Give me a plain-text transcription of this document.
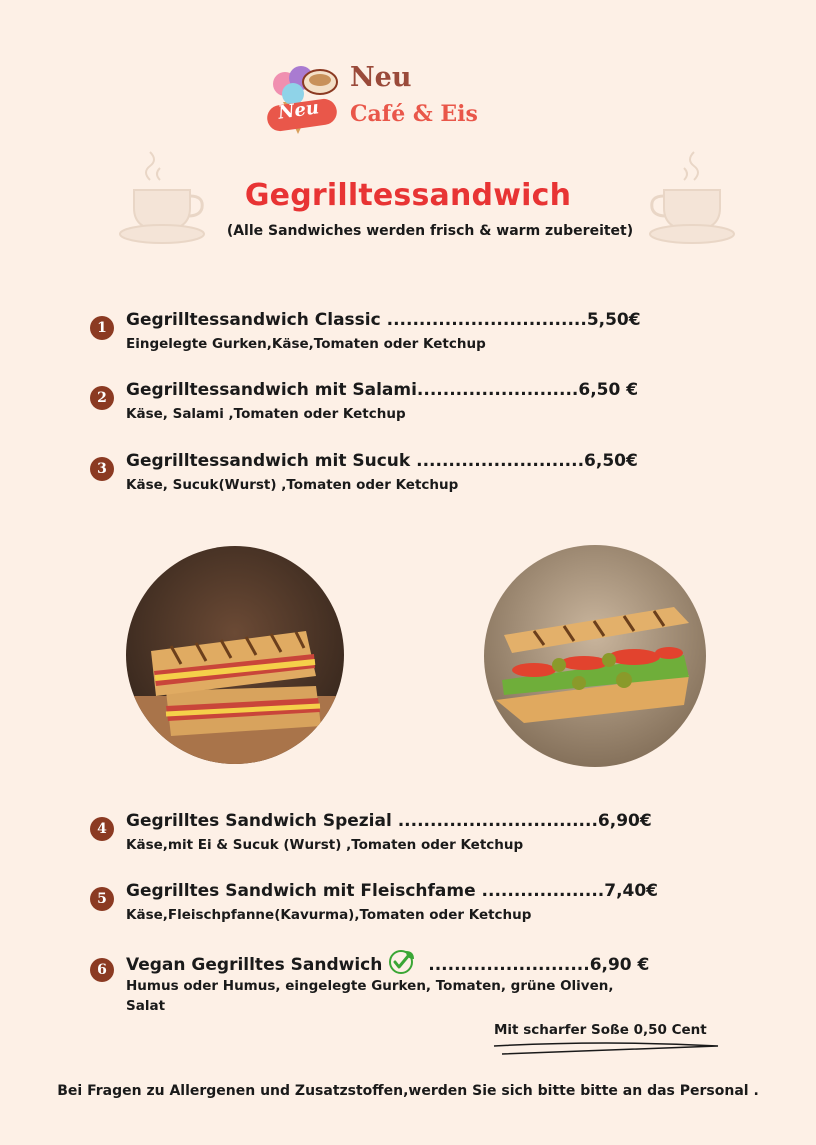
Neu
Neu
Café & Eis
Gegrilltessandwich
(Alle Sandwiches werden frisch & warm zubereitet)
1	Gegrilltessandwich Classic ...............................5,50€
Eingelegte Gurken,Käse,Tomaten oder Ketchup
2	Gegrilltessandwich mit Salami.........................6,50 €
Käse, Salami ,Tomaten oder Ketchup
3	Gegrilltessandwich mit Sucuk ..........................6,50€
Käse, Sucuk(Wurst) ,Tomaten oder Ketchup
4	Gegrilltes Sandwich Spezial ...............................6,90€
Käse,mit Ei & Sucuk (Wurst) ,Tomaten oder Ketchup
5	Gegrilltes Sandwich mit Fleischfame ...................7,40€
Käse,Fleischpfanne(Kavurma),Tomaten oder Ketchup
6	Vegan Gegrilltes Sandwich .........................6,90 €
Humus oder Humus, eingelegte Gurken, Tomaten, grüne Oliven, Salat
Mit scharfer Soße 0,50 Cent
Bei Fragen zu Allergenen und Zusatzstoffen,werden Sie sich bitte bitte an das Personal .
